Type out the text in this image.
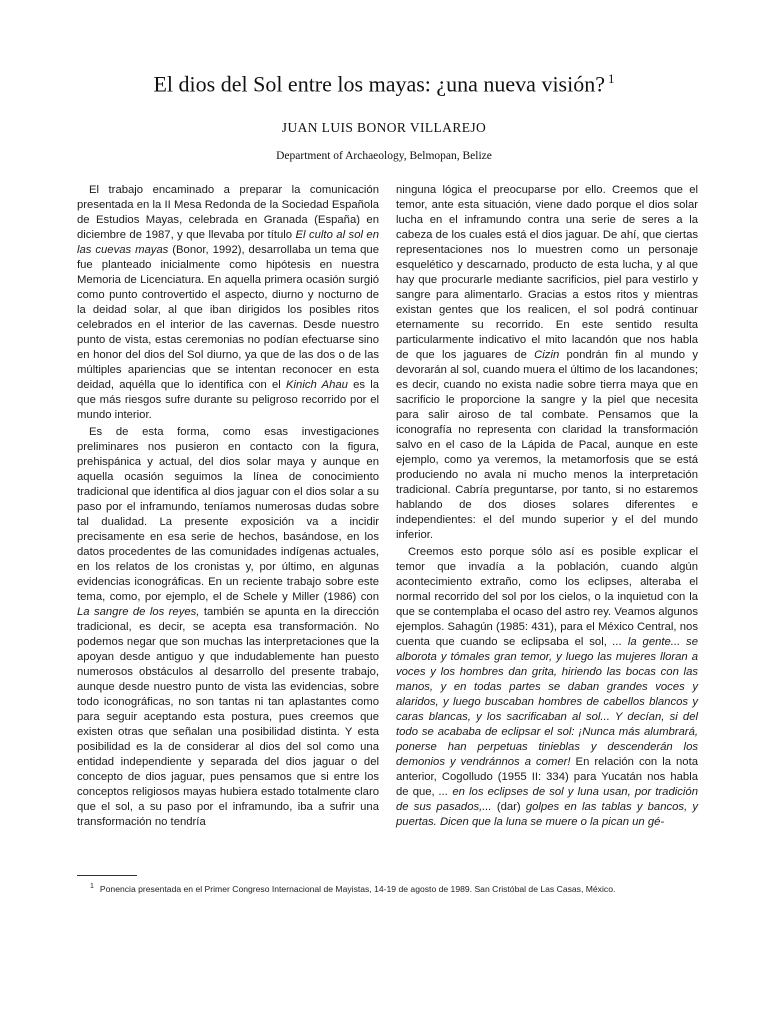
El dios del Sol entre los mayas: ¿una nueva visión? $^1$
JUAN LUIS BONOR VILLAREJO
Department of Archaeology, Belmopan, Belize

El trabajo encaminado a preparar la comunicación presentada en la II Mesa Redonda de la Sociedad Española de Estudios Mayas, celebrada en Granada (España) en diciembre de 1987, y que llevaba por título El culto al sol en las cuevas mayas (Bonor, 1992), desarrollaba un tema que fue planteado inicialmente como hipótesis en nuestra Memoria de Licenciatura. En aquella primera ocasión surgió como punto controvertido el aspecto, diurno y nocturno de la deidad solar, al que iban dirigidos los posibles ritos celebrados en el interior de las cavernas. Desde nuestro punto de vista, estas ceremonias no podían efectuarse sino en honor del dios del Sol diurno, ya que de las dos o de las múltiples apariencias que se intentan reconocer en esta deidad, aquélla que lo identifica con el Kinich Ahau es la que más riesgos sufre durante su peligroso recorrido por el mundo interior.

Es de esta forma, como esas investigaciones preliminares nos pusieron en contacto con la figura, prehispánica y actual, del dios solar maya y aunque en aquella ocasión seguimos la línea de conocimiento tradicional que identifica al dios jaguar con el dios solar a su paso por el inframundo, teníamos numerosas dudas sobre tal dualidad. La presente exposición va a incidir precisamente en esa serie de hechos, basándose, en los datos procedentes de las comunidades indígenas actuales, en los relatos de los cronistas y, por último, en algunas evidencias iconográficas. En un reciente trabajo sobre este tema, como, por ejemplo, el de Schele y Miller (1986) con La sangre de los reyes, también se apunta en la dirección tradicional, es decir, se acepta esa transformación. No podemos negar que son muchas las interpretaciones que la apoyan desde antiguo y que indudablemente han puesto numerosos obstáculos al desarrollo del presente trabajo, aunque desde nuestro punto de vista las evidencias, sobre todo iconográficas, no son tantas ni tan aplastantes como para seguir aceptando esta postura, pues creemos que existen otras que señalan una posibilidad distinta. Y esta posibilidad es la de considerar al dios del sol como una entidad independiente y separada del dios jaguar o del concepto de dios jaguar, pues pensamos que si entre los conceptos religiosos mayas hubiera estado totalmente claro que el sol, a su paso por el inframundo, iba a sufrir una transformación no tendría

ninguna lógica el preocuparse por ello. Creemos que el temor, ante esta situación, viene dado porque el dios solar lucha en el inframundo contra una serie de seres a la cabeza de los cuales está el dios jaguar. De ahí, que ciertas representaciones nos lo muestren como un personaje esquelético y descarnado, producto de esta lucha, y al que hay que procurarle mediante sacrificios, piel para vestirlo y sangre para alimentarlo. Gracias a estos ritos y mientras existan gentes que los realicen, el sol podrá continuar eternamente su recorrido. En este sentido resulta particularmente indicativo el mito lacandón que nos habla de que los jaguares de Cizin pondrán fin al mundo y devorarán al sol, cuando muera el último de los lacandones; es decir, cuando no exista nadie sobre tierra maya que en sacrificio le proporcione la sangre y la piel que necesita para salir airoso de tal combate. Pensamos que la iconografía no representa con claridad la transformación salvo en el caso de la Lápida de Pacal, aunque en este ejemplo, como ya veremos, la metamorfosis que se está produciendo no avala ni mucho menos la interpretación tradicional. Cabría preguntarse, por tanto, si no estaremos hablando de dos dioses solares diferentes e independientes: el del mundo superior y el del mundo inferior.

Creemos esto porque sólo así es posible explicar el temor que invadía a la población, cuando algún acontecimiento extraño, como los eclipses, alteraba el normal recorrido del sol por los cielos, o la inquietud con la que se contemplaba el ocaso del astro rey. Veamos algunos ejemplos. Sahagún (1985: 431), para el México Central, nos cuenta que cuando se eclipsaba el sol, ... la gente... se alborota y tómales gran temor, y luego las mujeres lloran a voces y los hombres dan grita, hiriendo las bocas con las manos, y en todas partes se daban grandes voces y alaridos, y luego buscaban hombres de cabellos blancos y caras blancas, y los sacrificaban al sol... Y decían, si del todo se acababa de eclipsar el sol: ¡Nunca más alumbrará, ponerse han perpetuas tinieblas y descenderán los demonios y vendránnos a comer! En relación con la nota anterior, Cogolludo (1955 II: 334) para Yucatán nos habla de que, ... en los eclipses de sol y luna usan, por tradición de sus pasados,... (dar) golpes en las tablas y bancos, y puertas. Dicen que la luna se muere o la pican un gé-

$^1$ Ponencia presentada en el Primer Congreso Internacional de Mayistas, 14-19 de agosto de 1989. San Cristóbal de Las Casas, México.
